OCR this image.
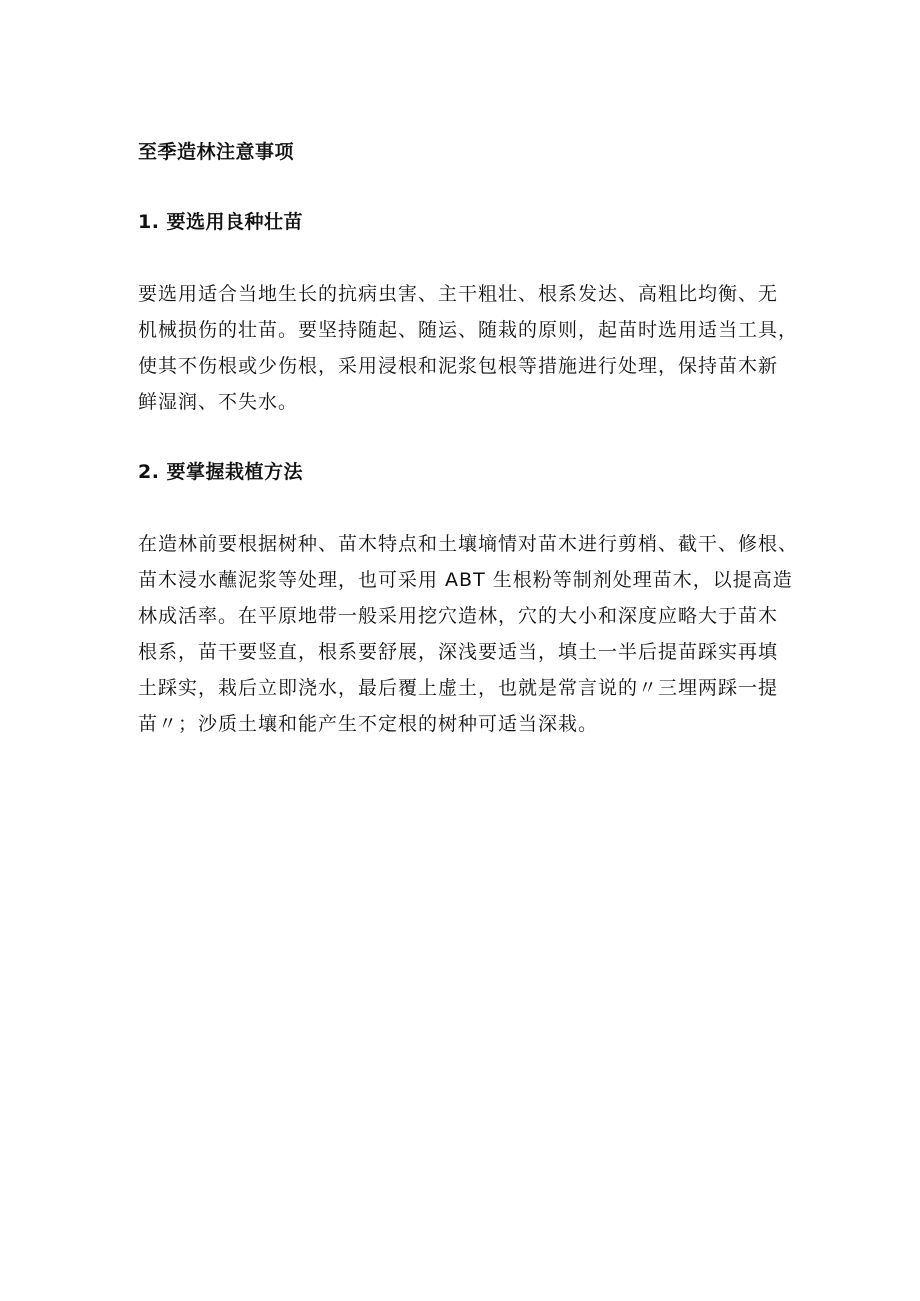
至季造林注意事项
1. 要选用良种壮苗

要选用适合当地生长的抗病虫害、主干粗壮、根系发达、高粗比均衡、无
机械损伤的壮苗。要坚持随起、随运、随栽的原则，起苗时选用适当工具，
使其不伤根或少伤根，采用浸根和泥浆包根等措施进行处理，保持苗木新
鲜湿润、不失水。

2. 要掌握栽植方法

在造林前要根据树种、苗木特点和土壤墒情对苗木进行剪梢、截干、修根、
苗木浸水蘸泥浆等处理，也可采用 ABT 生根粉等制剂处理苗木，以提高造
林成活率。在平原地带一般采用挖穴造林，穴的大小和深度应略大于苗木
根系，苗干要竖直，根系要舒展，深浅要适当，填土一半后提苗踩实再填
土踩实，栽后立即浇水，最后覆上虚土，也就是常言说的〃三埋两踩一提
苗〃；沙质土壤和能产生不定根的树种可适当深栽。
